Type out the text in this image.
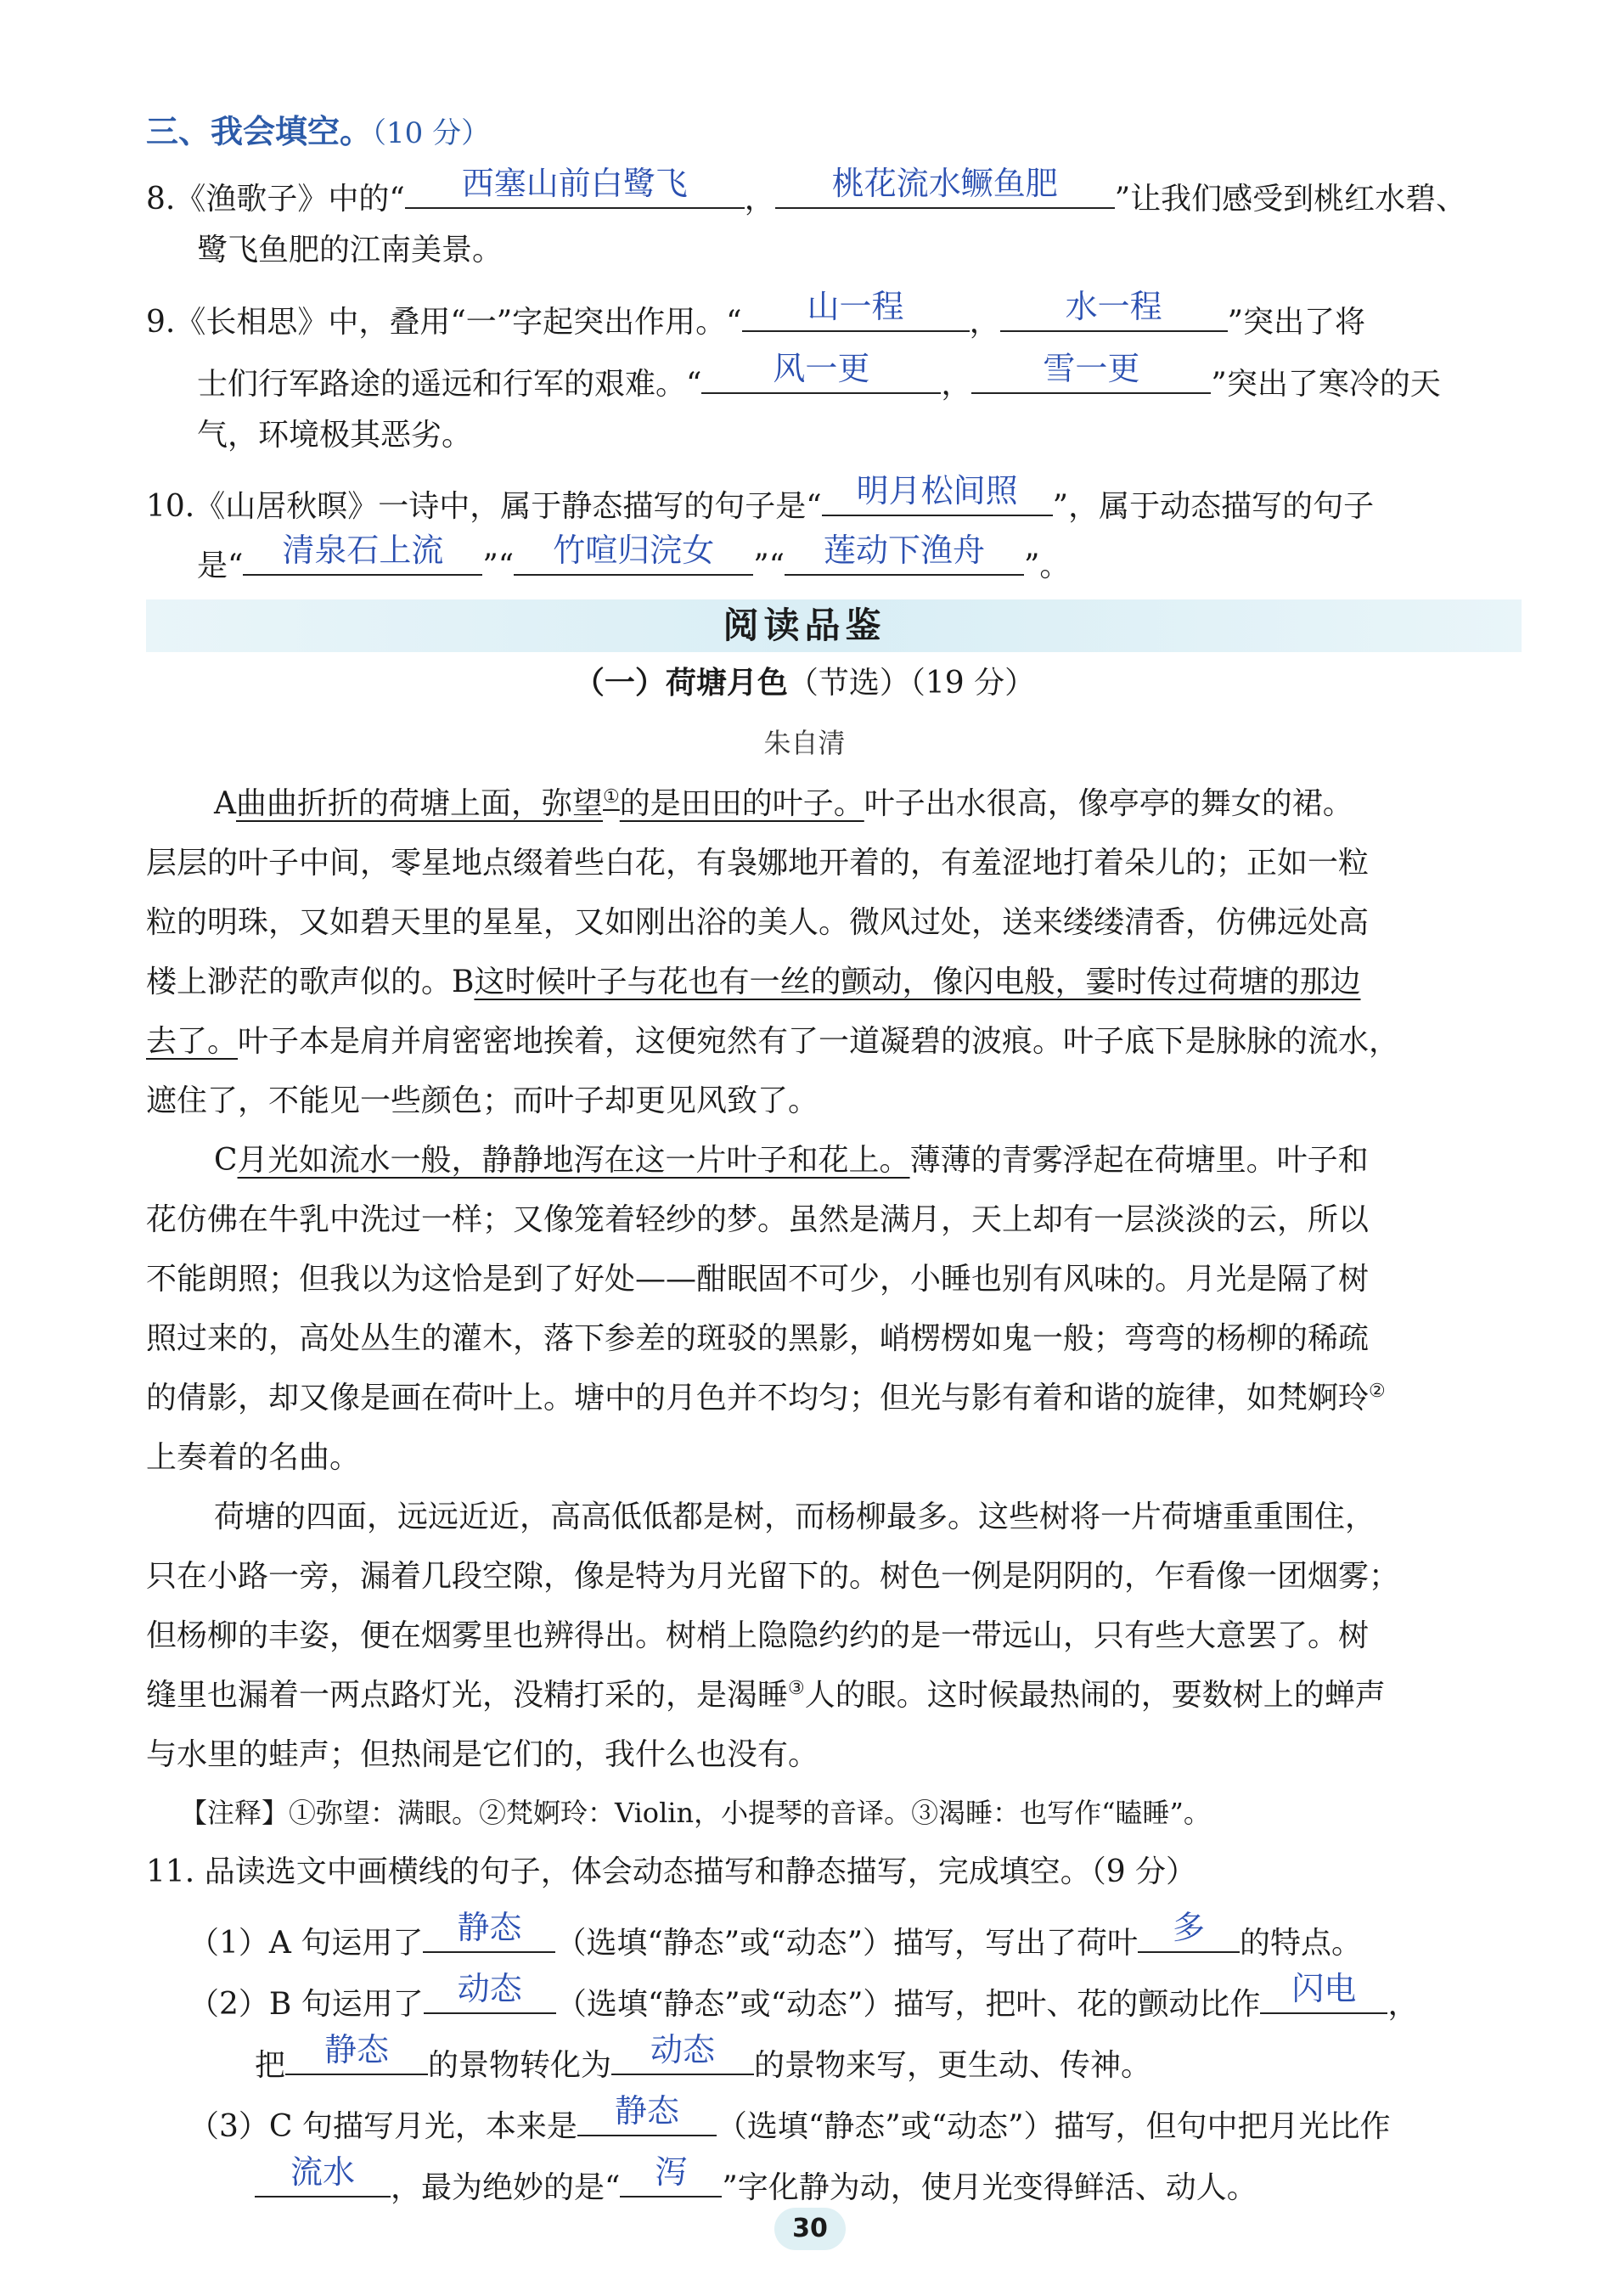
三、我会填空。（10 分）
8.《渔歌子》中的“	西塞山前白鹭飞	，	桃花流水鳜鱼肥	”让我们感受到桃红水碧、
鹭飞鱼肥的江南美景。
9.《长相思》中，叠用“一”字起突出作用。“	山一程	，	水一程	”突出了将
士们行军路途的遥远和行军的艰难。“	风一更	，	雪一更	”突出了寒冷的天
气，环境极其恶劣。
10.《山居秋暝》一诗中，属于静态描写的句子是“	明月松间照	”，属于动态描写的句子
是“	清泉石上流	”“	竹喧归浣女	”“	莲动下渔舟	”。
阅读品鉴
（一）荷塘月色（节选）（19 分）
朱自清
A曲曲折折的荷塘上面，弥望①的是田田的叶子。叶子出水很高，像亭亭的舞女的裙。
层层的叶子中间，零星地点缀着些白花，有袅娜地开着的，有羞涩地打着朵儿的；正如一粒
粒的明珠，又如碧天里的星星，又如刚出浴的美人。微风过处，送来缕缕清香，仿佛远处高
楼上渺茫的歌声似的。B这时候叶子与花也有一丝的颤动，像闪电般，霎时传过荷塘的那边
去了。叶子本是肩并肩密密地挨着，这便宛然有了一道凝碧的波痕。叶子底下是脉脉的流水，
遮住了，不能见一些颜色；而叶子却更见风致了。
C月光如流水一般，静静地泻在这一片叶子和花上。薄薄的青雾浮起在荷塘里。叶子和
花仿佛在牛乳中洗过一样；又像笼着轻纱的梦。虽然是满月，天上却有一层淡淡的云，所以
不能朗照；但我以为这恰是到了好处——酣眠固不可少，小睡也别有风味的。月光是隔了树
照过来的，高处丛生的灌木，落下参差的斑驳的黑影，峭楞楞如鬼一般；弯弯的杨柳的稀疏
的倩影，却又像是画在荷叶上。塘中的月色并不均匀；但光与影有着和谐的旋律，如梵婀玲②
上奏着的名曲。
荷塘的四面，远远近近，高高低低都是树，而杨柳最多。这些树将一片荷塘重重围住，
只在小路一旁，漏着几段空隙，像是特为月光留下的。树色一例是阴阴的，乍看像一团烟雾；
但杨柳的丰姿，便在烟雾里也辨得出。树梢上隐隐约约的是一带远山，只有些大意罢了。树
缝里也漏着一两点路灯光，没精打采的，是渴睡③人的眼。这时候最热闹的，要数树上的蝉声
与水里的蛙声；但热闹是它们的，我什么也没有。
【注释】①弥望：满眼。②梵婀玲：Violin，小提琴的音译。③渴睡：也写作“瞌睡”。
11. 品读选文中画横线的句子，体会动态描写和静态描写，完成填空。（9 分）
（1）A 句运用了	静态	（选填“静态”或“动态”）描写，写出了荷叶	多	的特点。
（2）B 句运用了	动态	（选填“静态”或“动态”）描写，把叶、花的颤动比作 闪电	，
把	静态	的景物转化为	动态	的景物来写，更生动、传神。
（3）C 句描写月光，本来是	静态	（选填“静态”或“动态”）描写，但句中把月光比作
流水	，最为绝妙的是“	泻	”字化静为动，使月光变得鲜活、动人。
30
